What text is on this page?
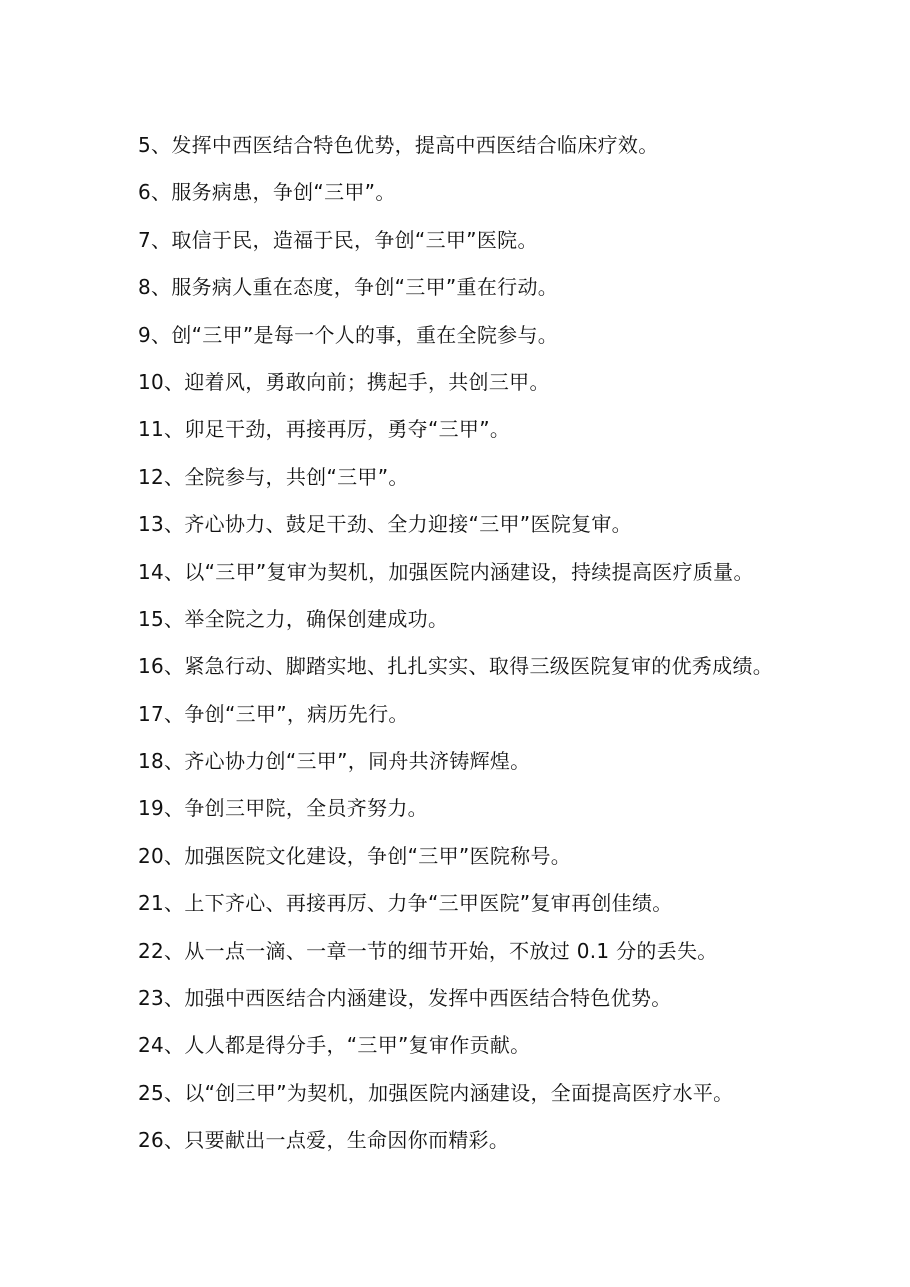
5、发挥中西医结合特色优势，提高中西医结合临床疗效。
6、服务病患，争创“三甲”。
7、取信于民，造福于民，争创“三甲”医院。
8、服务病人重在态度，争创“三甲”重在行动。
9、创“三甲”是每一个人的事，重在全院参与。
10、迎着风，勇敢向前；携起手，共创三甲。
11、卯足干劲，再接再厉，勇夺“三甲”。
12、全院参与，共创“三甲”。
13、齐心协力、鼓足干劲、全力迎接“三甲”医院复审。
14、以“三甲”复审为契机，加强医院内涵建设，持续提高医疗质量。
15、举全院之力，确保创建成功。
16、紧急行动、脚踏实地、扎扎实实、取得三级医院复审的优秀成绩。
17、争创“三甲”，病历先行。
18、齐心协力创“三甲”，同舟共济铸辉煌。
19、争创三甲院，全员齐努力。
20、加强医院文化建设，争创“三甲”医院称号。
21、上下齐心、再接再厉、力争“三甲医院”复审再创佳绩。
22、从一点一滴、一章一节的细节开始，不放过 0.1 分的丢失。
23、加强中西医结合内涵建设，发挥中西医结合特色优势。
24、人人都是得分手，“三甲”复审作贡献。
25、以“创三甲”为契机，加强医院内涵建设，全面提高医疗水平。
26、只要献出一点爱，生命因你而精彩。
